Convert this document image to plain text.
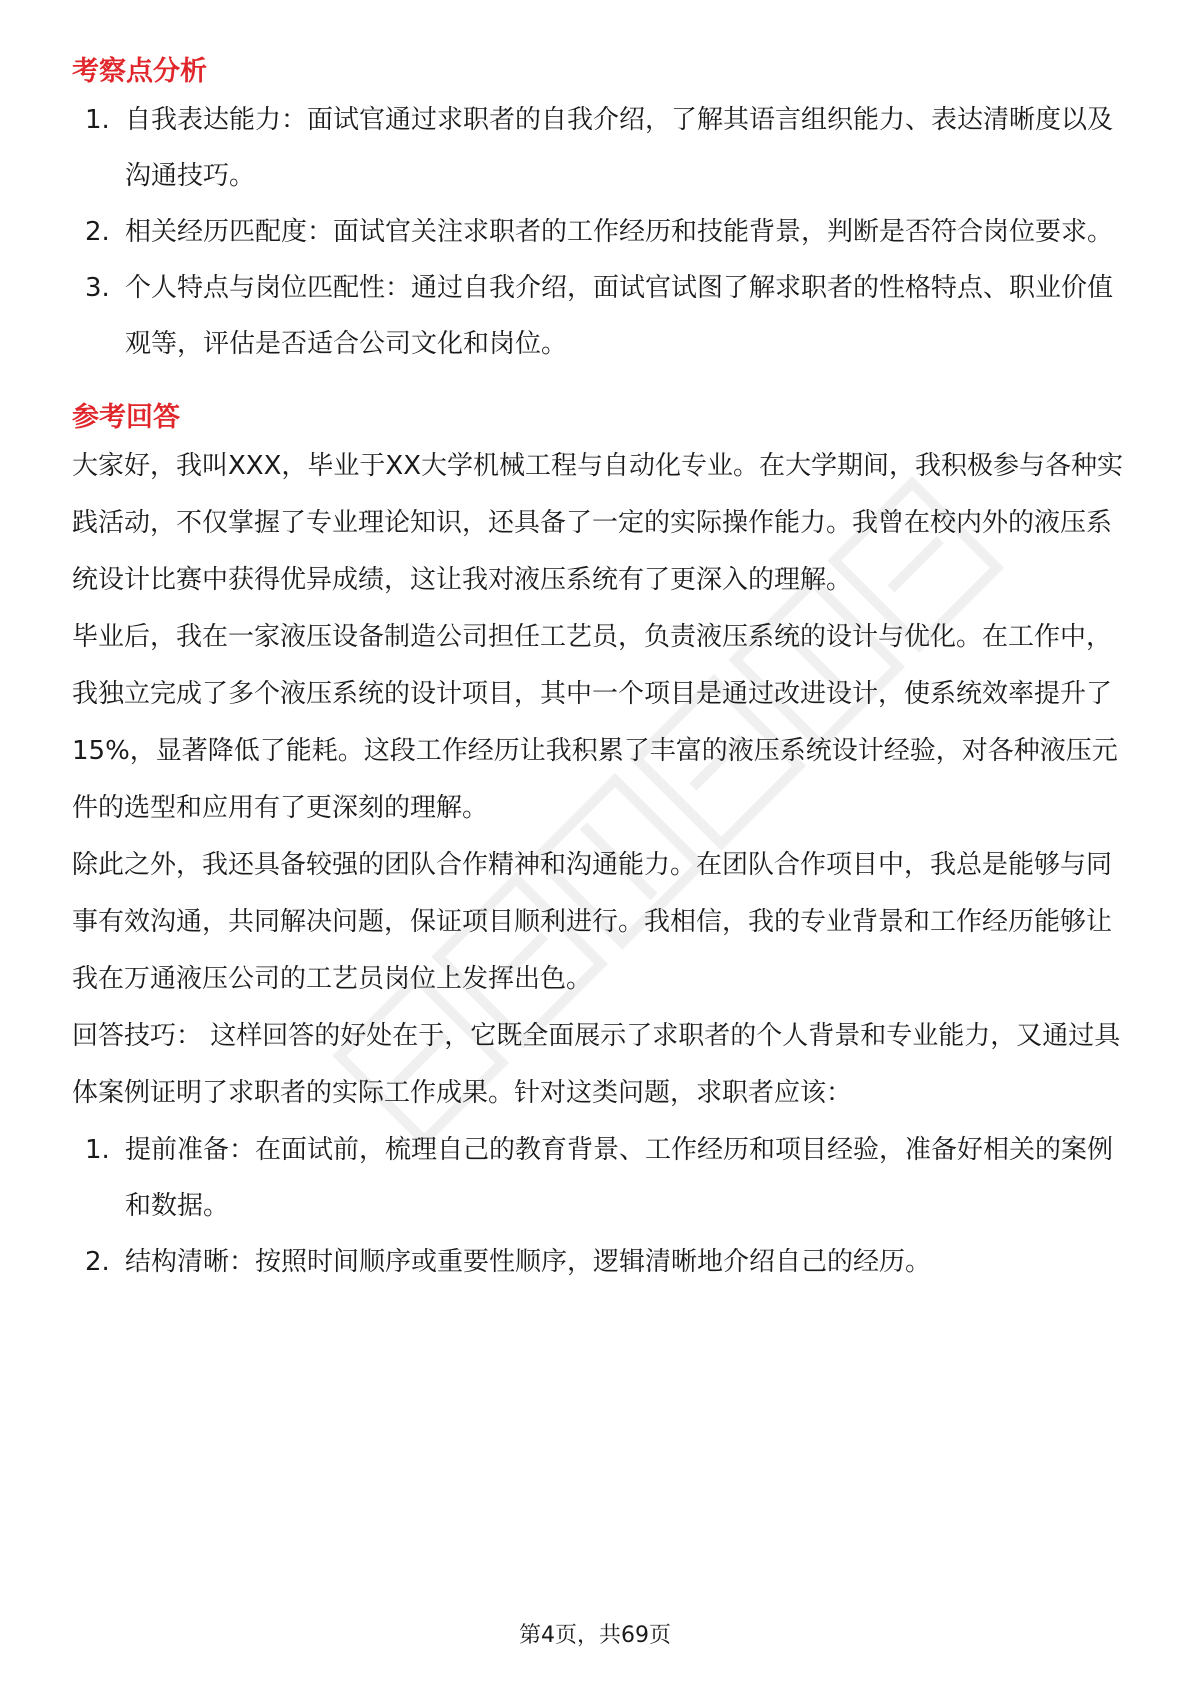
考察点分析
1. 自我表达能力：面试官通过求职者的自我介绍，了解其语言组织能力、表达清晰度以及沟通技巧。
2. 相关经历匹配度：面试官关注求职者的工作经历和技能背景，判断是否符合岗位要求。
3. 个人特点与岗位匹配性：通过自我介绍，面试官试图了解求职者的性格特点、职业价值观等，评估是否适合公司文化和岗位。
参考回答

大家好，我叫XXX，毕业于XX大学机械工程与自动化专业。在大学期间，我积极参与各种实践活动，不仅掌握了专业理论知识，还具备了一定的实际操作能力。我曾在校内外的液压系统设计比赛中获得优异成绩，这让我对液压系统有了更深入的理解。

毕业后，我在一家液压设备制造公司担任工艺员，负责液压系统的设计与优化。在工作中，我独立完成了多个液压系统的设计项目，其中一个项目是通过改进设计，使系统效率提升了15%，显著降低了能耗。这段工作经历让我积累了丰富的液压系统设计经验，对各种液压元件的选型和应用有了更深刻的理解。

除此之外，我还具备较强的团队合作精神和沟通能力。在团队合作项目中，我总是能够与同事有效沟通，共同解决问题，保证项目顺利进行。我相信，我的专业背景和工作经历能够让我在万通液压公司的工艺员岗位上发挥出色。

回答技巧： 这样回答的好处在于，它既全面展示了求职者的个人背景和专业能力，又通过具体案例证明了求职者的实际工作成果。针对这类问题，求职者应该：

1. 提前准备：在面试前，梳理自己的教育背景、工作经历和项目经验，准备好相关的案例和数据。
2. 结构清晰：按照时间顺序或重要性顺序，逻辑清晰地介绍自己的经历。
第4页，共69页
